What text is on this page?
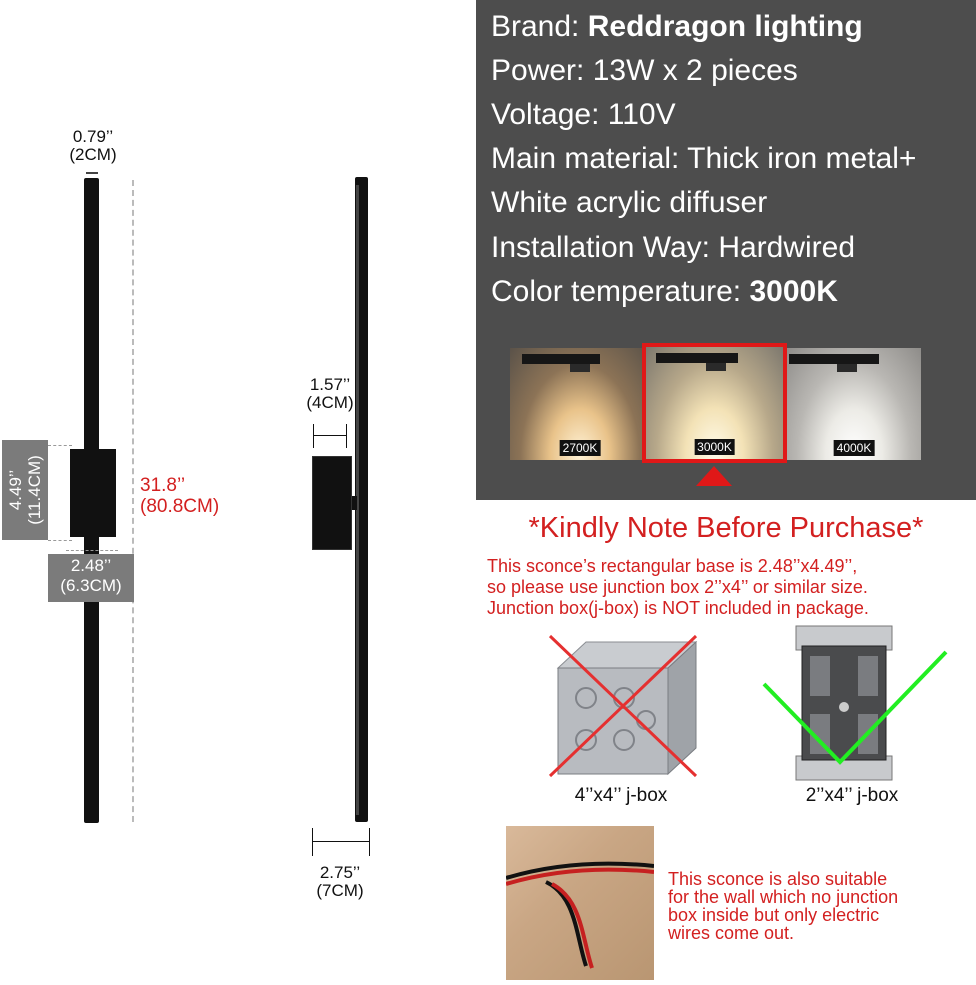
0.79’’
(2CM)
31.8’’
(80.8CM)
4.49’’ (11.4CM)
2.48’’
(6.3CM)
1.57’’
(4CM)
2.75’’
(7CM)
Brand: Reddragon lighting
Power: 13W x 2 pieces
Voltage: 110V
Main material: Thick iron metal+
White acrylic diffuser
Installation Way: Hardwired
Color temperature: 3000K
2700K	3000K	4000K
*Kindly Note Before Purchase*
This sconce’s rectangular base is 2.48’’x4.49’’,
so please use junction box 2’’x4’’ or similar size.
Junction box(j-box) is NOT included in package.
4’’x4’’ j-box	2’’x4’’ j-box
This sconce is also suitable
for the wall which no junction
box inside but only electric
wires come out.
